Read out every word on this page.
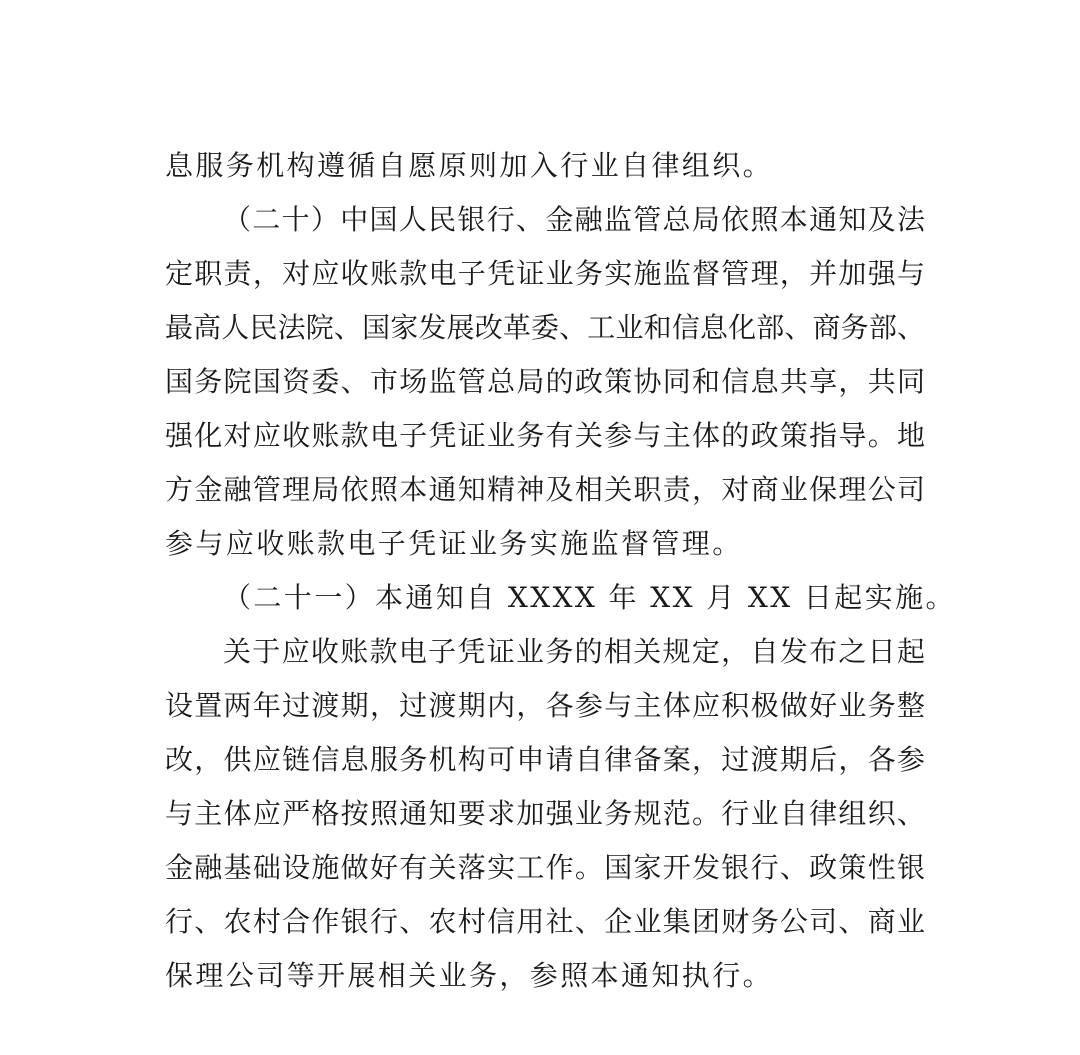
息服务机构遵循自愿原则加入行业自律组织。
（二十）中国人民银行、金融监管总局依照本通知及法
定职责，对应收账款电子凭证业务实施监督管理，并加强与
最高人民法院、国家发展改革委、工业和信息化部、商务部、
国务院国资委、市场监管总局的政策协同和信息共享，共同
强化对应收账款电子凭证业务有关参与主体的政策指导。地
方金融管理局依照本通知精神及相关职责，对商业保理公司
参与应收账款电子凭证业务实施监督管理。
（二十一）本通知自 XXXX 年 XX 月 XX 日起实施。
关于应收账款电子凭证业务的相关规定，自发布之日起
设置两年过渡期，过渡期内，各参与主体应积极做好业务整
改，供应链信息服务机构可申请自律备案，过渡期后，各参
与主体应严格按照通知要求加强业务规范。行业自律组织、
金融基础设施做好有关落实工作。国家开发银行、政策性银
行、农村合作银行、农村信用社、企业集团财务公司、商业
保理公司等开展相关业务，参照本通知执行。
